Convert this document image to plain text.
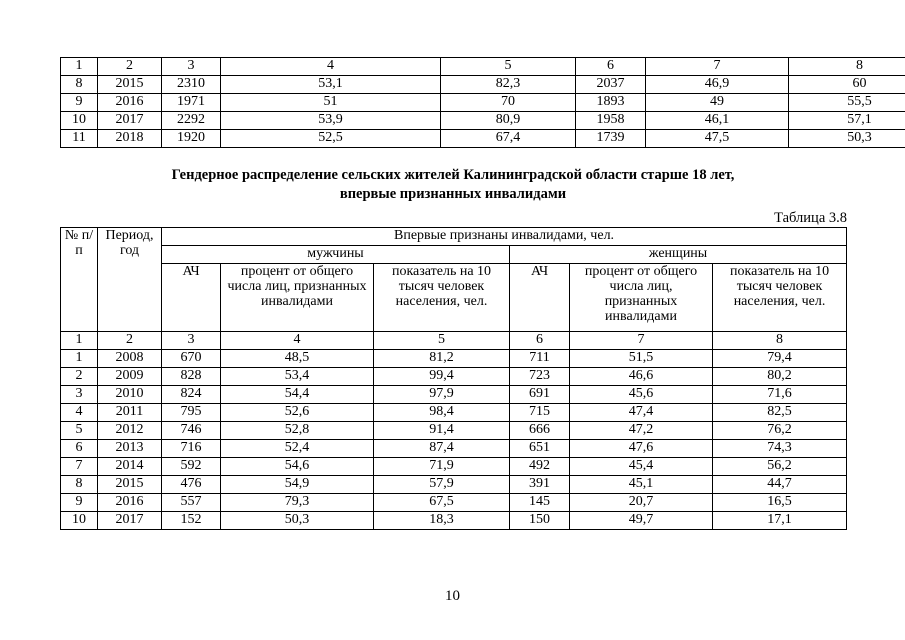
1	2	3	4	5	6	7	8
8	2015	2310	53,1	82,3	2037	46,9	60
9	2016	1971	51	70	1893	49	55,5
10	2017	2292	53,9	80,9	1958	46,1	57,1
11	2018	1920	52,5	67,4	1739	47,5	50,3
Гендерное распределение сельских жителей Калининградской области старше 18 лет,
впервые признанных инвалидами
Таблица 3.8
№ п/п	Период, год	Впервые признаны инвалидами, чел.					
		мужчины			женщины		
		АЧ	процент от общего числа лиц, признанных инвалидами	показатель на 10 тысяч человек населения, чел.	АЧ	процент от общего числа лиц, признанных инвалидами	показатель на 10 тысяч человек населения, чел.
1	2	3	4	5	6	7	8
1	2008	670	48,5	81,2	711	51,5	79,4
2	2009	828	53,4	99,4	723	46,6	80,2
3	2010	824	54,4	97,9	691	45,6	71,6
4	2011	795	52,6	98,4	715	47,4	82,5
5	2012	746	52,8	91,4	666	47,2	76,2
6	2013	716	52,4	87,4	651	47,6	74,3
7	2014	592	54,6	71,9	492	45,4	56,2
8	2015	476	54,9	57,9	391	45,1	44,7
9	2016	557	79,3	67,5	145	20,7	16,5
10	2017	152	50,3	18,3	150	49,7	17,1
10
